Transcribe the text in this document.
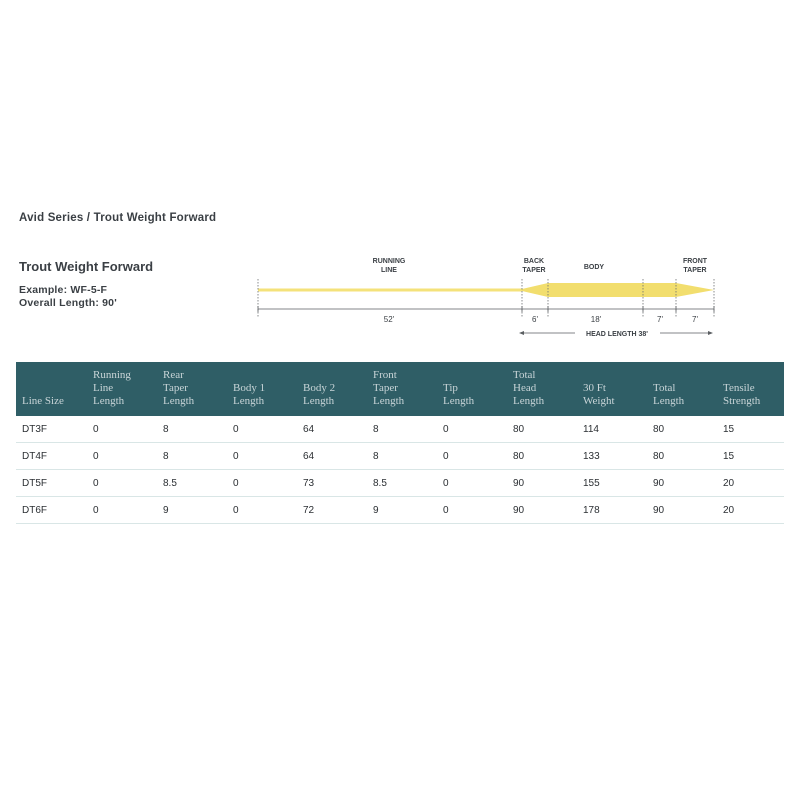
Avid Series / Trout Weight Forward
Trout Weight Forward
Example: WF-5-F
Overall Length: 90'
RUNNING
LINE
BACK
TAPER	BODY
FRONT
TAPER
52'	6'	18'	7'	7'
HEAD LENGTH 38'
Line Size	Running
Line
Length	Rear
Taper
Length	Body 1
Length	Body 2
Length	Front
Taper
Length	Tip
Length	Total
Head
Length	30 Ft
Weight	Total
Length	Tensile
Strength

DT3F	0	8	0	64	8	0	80	114	80	15
DT4F	0	8	0	64	8	0	80	133	80	15
DT5F	0	8.5	0	73	8.5	0	90	155	90	20
DT6F	0	9	0	72	9	0	90	178	90	20
